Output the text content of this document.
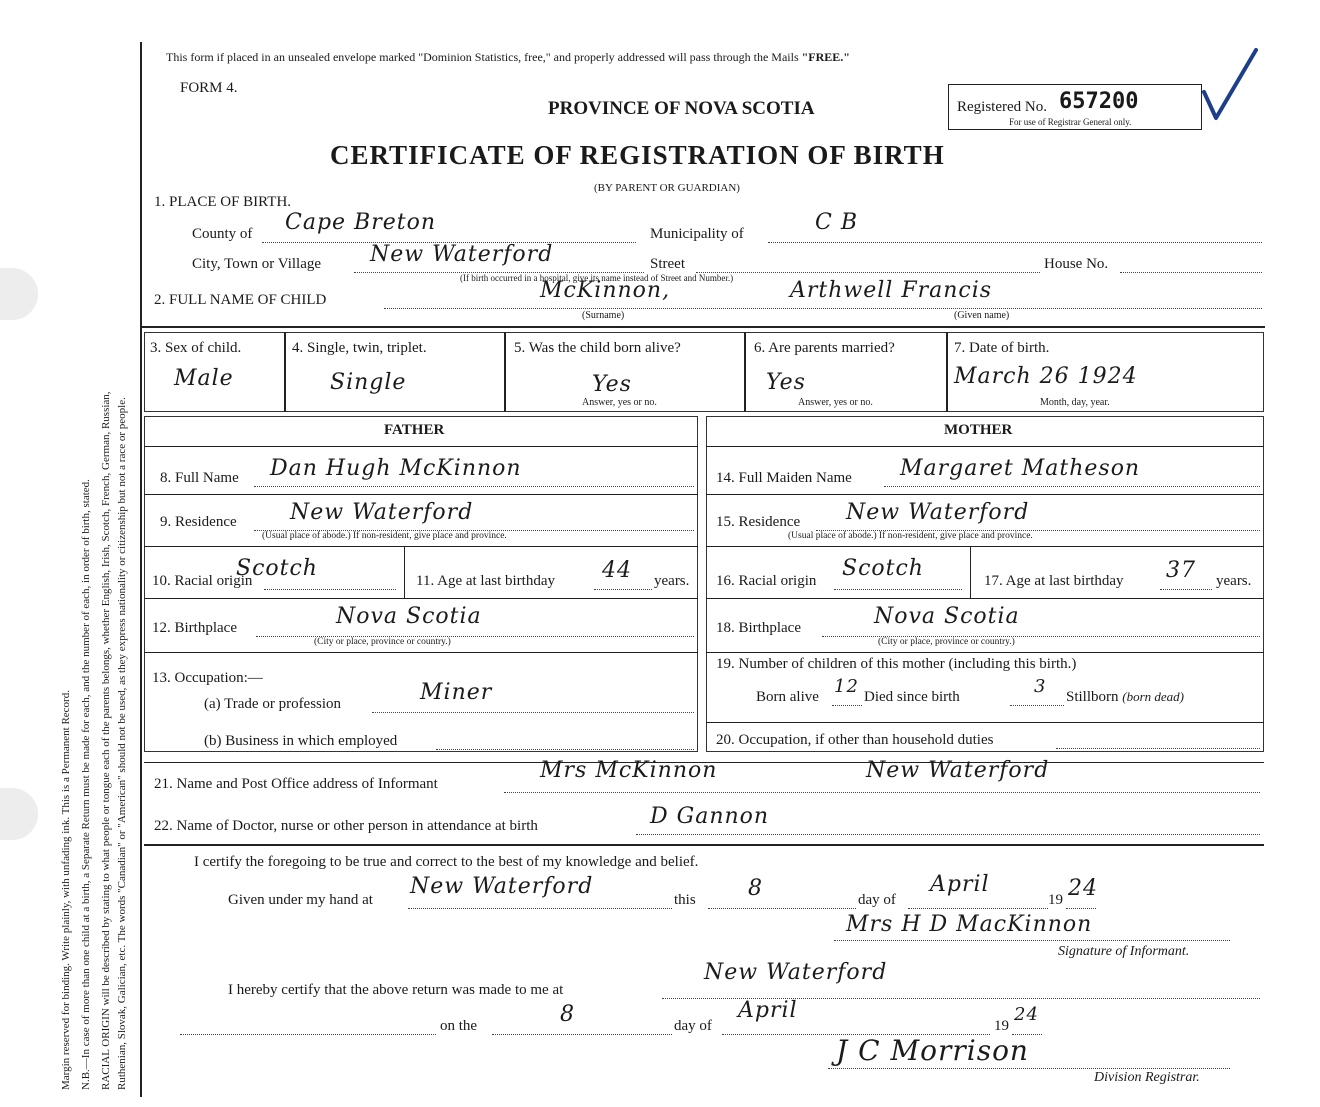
Margin reserved for binding. Write plainly, with unfading ink. This is a Permanent Record. N.B.—In case of more than one child at a birth, a Separate Return must be made for each, and the number of each, in order of birth, stated. RACIAL ORIGIN will be described by stating to what people or tongue each of the parents belongs, whether English, Irish, Scotch, French, German, Russian, Ruthenian, Slovak, Galician, etc. The words "Canadian" or "American" should not be used, as they express nationality or citizenship but not a race or people.
This form if placed in an unsealed envelope marked "Dominion Statistics, free," and properly addressed will pass through the Mails "FREE."
FORM 4.
PROVINCE OF NOVA SCOTIA	Registered No. 657200
For use of Registrar General only.
CERTIFICATE OF REGISTRATION OF BIRTH
(BY PARENT OR GUARDIAN)
1. PLACE OF BIRTH.
County of Cape Breton	Municipality of	C B
City, Town or Village New Waterford	Street	House No.
(If birth occurred in a hospital, give its name instead of Street and Number.)
2. FULL NAME OF CHILD	McKinnon,	Arthwell Francis
(Surname)	(Given name)
3. Sex of child.
Male
4. Single, twin, triplet.
Single
5. Was the child born alive?
Yes
Answer, yes or no.
6. Are parents married?
Yes
Answer, yes or no.
7. Date of birth.
March 26 1924
Month, day, year.
FATHER	MOTHER
8. Full Name Dan Hugh McKinnon
9. Residence New Waterford
(Usual place of abode.) If non-resident, give place and province.
10. Racial origin
Scotch	11. Age at last birthday 44 years.
12. Birthplace	Nova Scotia
(City or place, province or country.)
13. Occupation:—
(a) Trade or profession	Miner
(b) Business in which employed
14. Full Maiden Name Margaret Matheson
15. Residence New Waterford
(Usual place of abode.) If non-resident, give place and province.
16. Racial origin Scotch	17. Age at last birthday 37 years.
18. Birthplace	Nova Scotia
(City or place, province or country.)
19. Number of children of this mother (including this birth.)
Born alive 12 Died since birth	3 Stillborn (born dead)
20. Occupation, if other than household duties
21. Name and Post Office address of Informant
Mrs McKinnon	New Waterford
22. Name of Doctor, nurse or other person in attendance at birth	D Gannon
I certify the foregoing to be true and correct to the best of my knowledge and belief.
Given under my hand at
New Waterford
this 8	day of
April
19 24
Mrs H D MacKinnon
Signature of Informant.
I hereby certify that the above return was made to me at
New Waterford
on the	8	day of
April
19
24
J C Morrison
Division Registrar.
